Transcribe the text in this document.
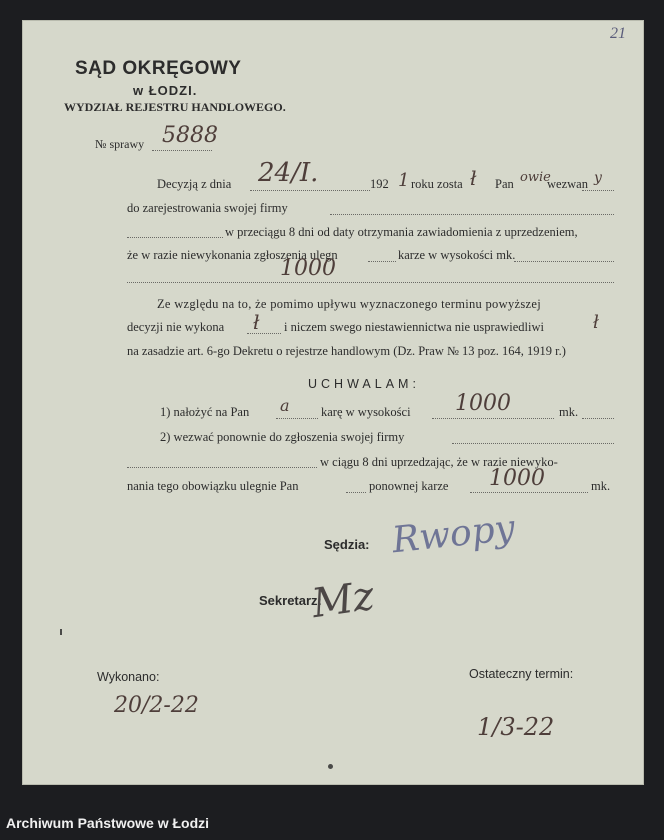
SĄD OKRĘGOWY
w ŁODZI.
WYDZIAŁ REJESTRU HANDLOWEGO.
21
№ sprawy 5888
Decyzją z dnia 24/I.	192 1 roku zosta ł Pan owie
wezwan y
do zarejestrowania swojej firmy
w przeciągu 8 dni od daty otrzymania zawiadomienia z uprzedzeniem,
że w razie niewykonania zgłoszenia ulegn	karze w wysokości mk.
1000
Ze względu na to, że pomimo upływu wyznaczonego terminu powyższej
decyzji nie wykona ł i niczem swego niestawiennictwa nie usprawiedliwi	ł
na zasadzie art. 6-go Dekretu o rejestrze handlowym (Dz. Praw № 13 poz. 164, 1919 r.)
UCHWALAM:
1) nałożyć na Pan a	karę w wysokości 1000	mk.
2) wezwać ponownie do zgłoszenia swojej firmy
w ciągu 8 dni uprzedzając, że w razie niewyko-
nania tego obowiązku ulegnie Pan	ponownej karze 1000	mk.
Sędzia: Rwopy
Sekretarz:
Mz
Wykonano:
20/2-22
Ostateczny termin:
1/3-22
Archiwum Państwowe w Łodzi
